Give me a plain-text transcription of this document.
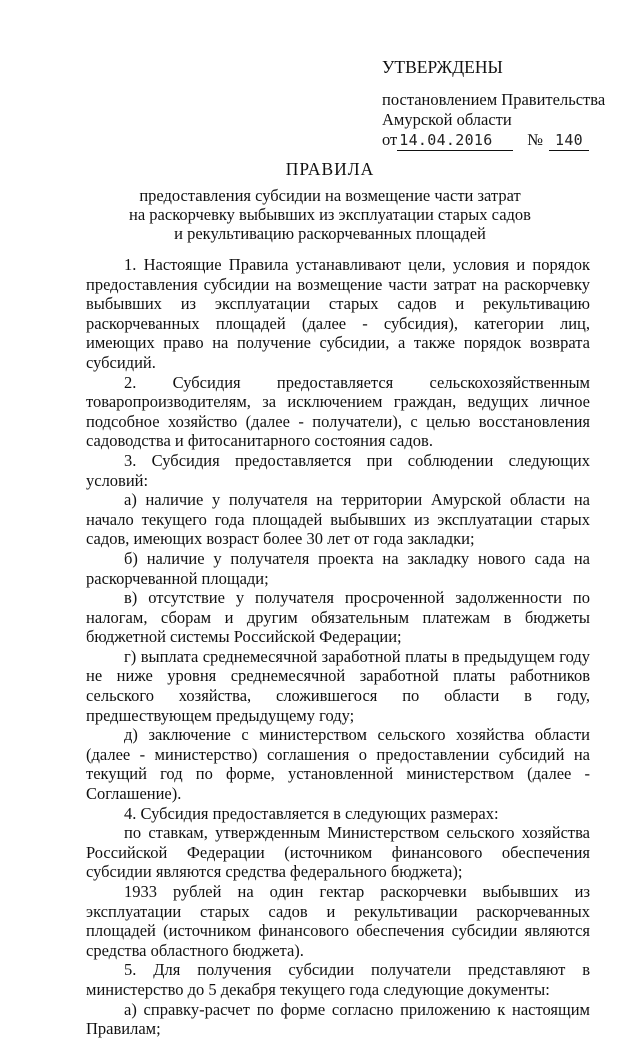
УТВЕРЖДЕНЫ
постановлением Правительства
Амурской области
от 14.04.2016	№ 140
ПРАВИЛА
предоставления субсидии на возмещение части затрат
на раскорчевку выбывших из эксплуатации старых садов
и рекультивацию раскорчеванных площадей

1. Настоящие Правила устанавливают цели, условия и порядок предоставления субсидии на возмещение части затрат на раскорчевку выбывших из эксплуатации старых садов и рекультивацию раскорчеванных площадей (далее - субсидия), категории лиц, имеющих право на получение субсидии, а также порядок возврата субсидий.

2. Субсидия предоставляется сельскохозяйственным товаропроизводителям, за исключением граждан, ведущих личное подсобное хозяйство (далее - получатели), с целью восстановления садоводства и фитосанитарного состояния садов.

3. Субсидия предоставляется при соблюдении следующих условий:

а) наличие у получателя на территории Амурской области на начало текущего года площадей выбывших из эксплуатации старых садов, имеющих возраст более 30 лет от года закладки;

б) наличие у получателя проекта на закладку нового сада на раскорчеванной площади;

в) отсутствие у получателя просроченной задолженности по налогам, сборам и другим обязательным платежам в бюджеты бюджетной системы Российской Федерации;

г) выплата среднемесячной заработной платы в предыдущем году не ниже уровня среднемесячной заработной платы работников сельского хозяйства, сложившегося по области в году, предшествующем предыдущему году;

д) заключение с министерством сельского хозяйства области (далее - министерство) соглашения о предоставлении субсидий на текущий год по форме, установленной министерством (далее - Соглашение).

4. Субсидия предоставляется в следующих размерах:

по ставкам, утвержденным Министерством сельского хозяйства Российской Федерации (источником финансового обеспечения субсидии являются средства федерального бюджета);

1933 рублей на один гектар раскорчевки выбывших из эксплуатации старых садов и рекультивации раскорчеванных площадей (источником финансового обеспечения субсидии являются средства областного бюджета).

5. Для получения субсидии получатели представляют в министерство до 5 декабря текущего года следующие документы:

а) справку-расчет по форме согласно приложению к настоящим Правилам;
